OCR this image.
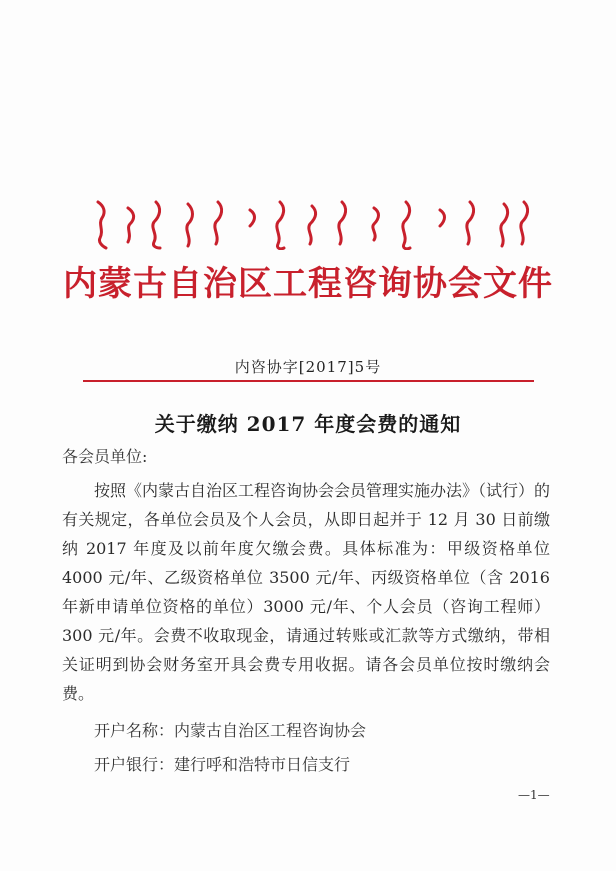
内蒙古自治区工程咨询协会文件
内咨协字[2017]5号
关于缴纳 2017 年度会费的通知
各会员单位:
按照《内蒙古自治区工程咨询协会会员管理实施办法》（试行）的有关规定，各单位会员及个人会员，从即日起并于 12 月 30 日前缴纳 2017 年度及以前年度欠缴会费。具体标准为：甲级资格单位 4000 元/年、乙级资格单位 3500 元/年、丙级资格单位（含 2016 年新申请单位资格的单位）3000 元/年、个人会员（咨询工程师）300 元/年。会费不收取现金，请通过转账或汇款等方式缴纳，带相关证明到协会财务室开具会费专用收据。请各会员单位按时缴纳会费。
开户名称：内蒙古自治区工程咨询协会
开户银行：建行呼和浩特市日信支行
—1—
